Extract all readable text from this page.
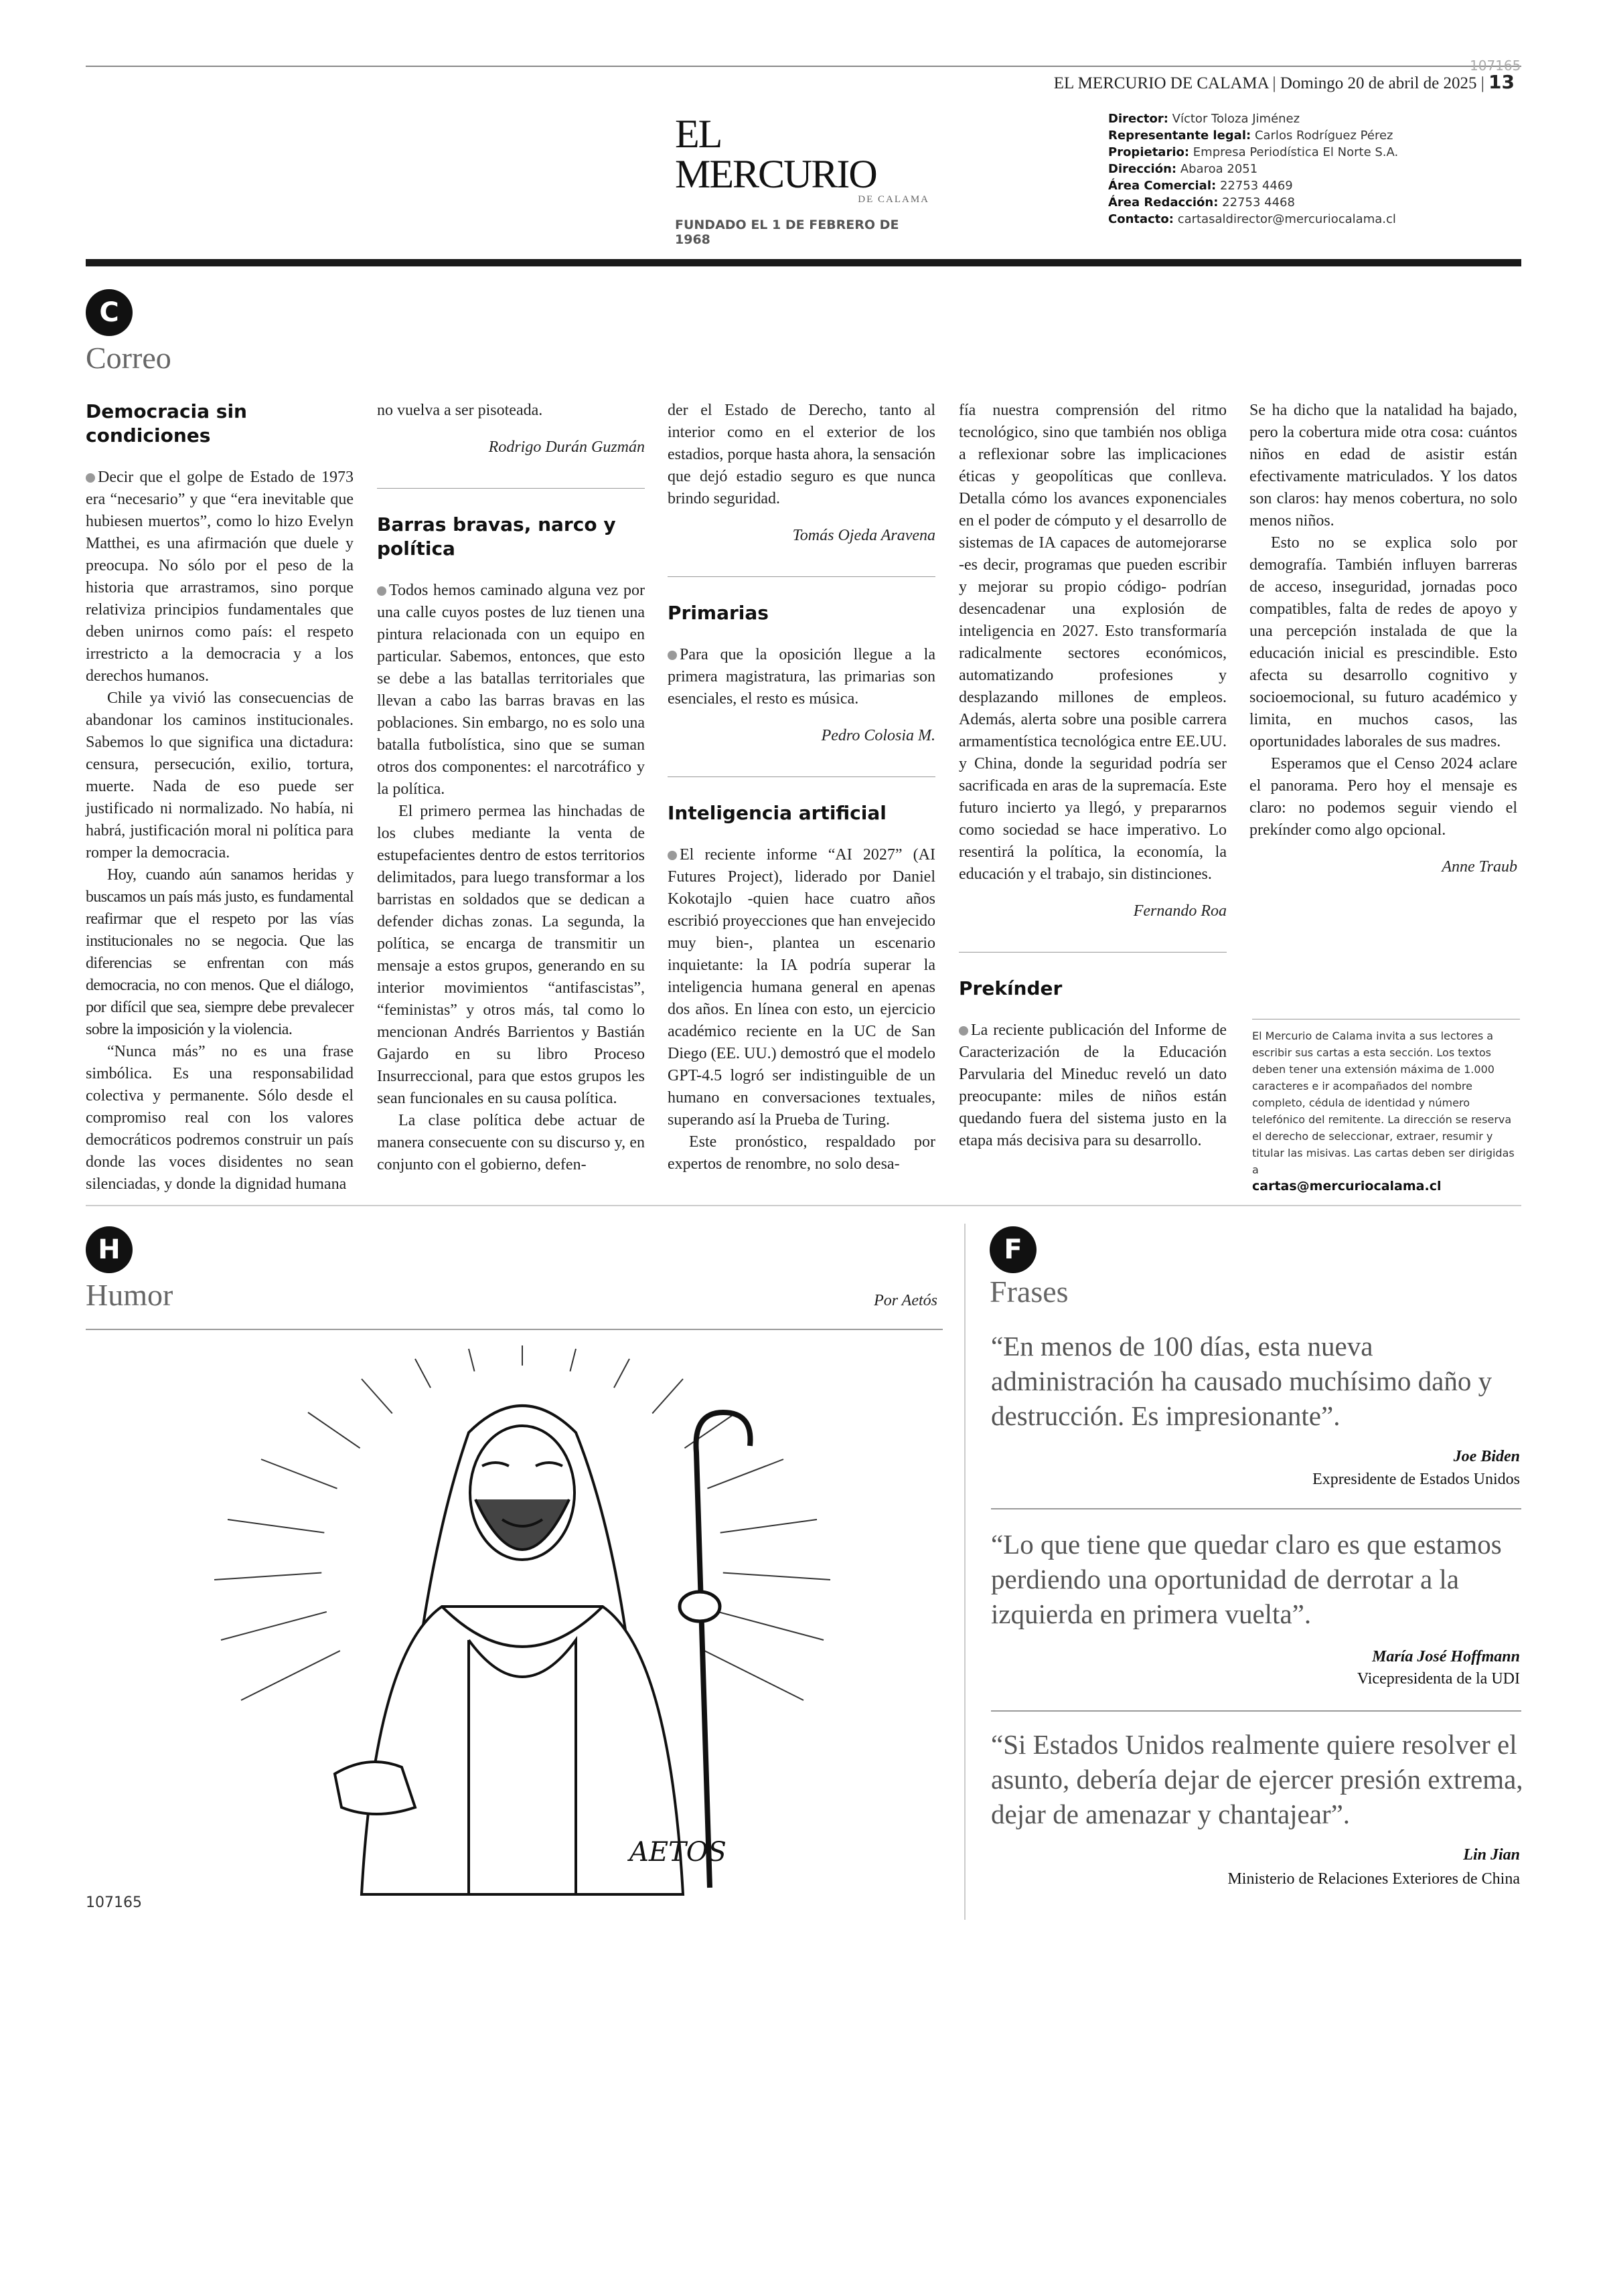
107165
EL MERCURIO DE CALAMA | Domingo 20 de abril de 2025 | 13
EL MERCURIO
DE CALAMA
FUNDADO EL 1 DE FEBRERO DE 1968
Director: Víctor Toloza Jiménez
Representante legal: Carlos Rodríguez Pérez
Propietario: Empresa Periodística El Norte S.A.
Dirección: Abaroa 2051
Área Comercial: 22753 4469
Área Redacción: 22753 4468
Contacto: cartasaldirector@mercuriocalama.cl
C
Correo
Democracia sin condiciones

Decir que el golpe de Estado de 1973 era “necesario” y que “era inevitable que hubiesen muertos”, como lo hizo Evelyn Matthei, es una afirmación que duele y preocupa. No sólo por el peso de la historia que arrastramos, sino porque relativiza principios fundamentales que deben unirnos como país: el respeto irrestricto a la democracia y a los derechos humanos.

Chile ya vivió las consecuencias de abandonar los caminos institucionales. Sabemos lo que significa una dictadura: censura, persecución, exilio, tortura, muerte. Nada de eso puede ser justificado ni normalizado. No había, ni habrá, justificación moral ni política para romper la democracia.

Hoy, cuando aún sanamos heridas y buscamos un país más justo, es fundamental reafirmar que el respeto por las vías institucionales no se negocia. Que las diferencias se enfrentan con más democracia, no con menos. Que el diálogo, por difícil que sea, siempre debe prevalecer sobre la imposición y la violencia.

“Nunca más” no es una frase simbólica. Es una responsabilidad colectiva y permanente. Sólo desde el compromiso real con los valores democráticos podremos construir un país donde las voces disidentes no sean silenciadas, y donde la dignidad humana

no vuelva a ser pisoteada.

Rodrigo Durán Guzmán

Barras bravas, narco y política

Todos hemos caminado alguna vez por una calle cuyos postes de luz tienen una pintura relacionada con un equipo en particular. Sabemos, entonces, que esto se debe a las batallas territoriales que llevan a cabo las barras bravas en las poblaciones. Sin embargo, no es solo una batalla futbolística, sino que se suman otros dos componentes: el narcotráfico y la política.

El primero permea las hinchadas de los clubes mediante la venta de estupefacientes dentro de estos territorios delimitados, para luego transformar a los barristas en soldados que se dedican a defender dichas zonas. La segunda, la política, se encarga de transmitir un mensaje a estos grupos, generando en su interior movimientos “antifascistas”, “feministas” y otros más, tal como lo mencionan Andrés Barrientos y Bastián Gajardo en su libro Proceso Insurreccional, para que estos grupos les sean funcionales en su causa política.

La clase política debe actuar de manera consecuente con su discurso y, en conjunto con el gobierno, defen-

der el Estado de Derecho, tanto al interior como en el exterior de los estadios, porque hasta ahora, la sensación que dejó estadio seguro es que nunca brindo seguridad.

Tomás Ojeda Aravena

Primarias

Para que la oposición llegue a la primera magistratura, las primarias son esenciales, el resto es música.

Pedro Colosia M.

Inteligencia artificial

El reciente informe “AI 2027” (AI Futures Project), liderado por Daniel Kokotajlo -quien hace cuatro años escribió proyecciones que han envejecido muy bien-, plantea un escenario inquietante: la IA podría superar la inteligencia humana general en apenas dos años. En línea con esto, un ejercicio académico reciente en la UC de San Diego (EE. UU.) demostró que el modelo GPT-4.5 logró ser indistinguible de un humano en conversaciones textuales, superando así la Prueba de Turing.

Este pronóstico, respaldado por expertos de renombre, no solo desa-

fía nuestra comprensión del ritmo tecnológico, sino que también nos obliga a reflexionar sobre las implicaciones éticas y geopolíticas que conlleva. Detalla cómo los avances exponenciales en el poder de cómputo y el desarrollo de sistemas de IA capaces de automejorarse -es decir, programas que pueden escribir y mejorar su propio código- podrían desencadenar una explosión de inteligencia en 2027. Esto transformaría radicalmente sectores económicos, automatizando profesiones y desplazando millones de empleos. Además, alerta sobre una posible carrera armamentística tecnológica entre EE.UU. y China, donde la seguridad podría ser sacrificada en aras de la supremacía. Este futuro incierto ya llegó, y prepararnos como sociedad se hace imperativo. Lo resentirá la política, la economía, la educación y el trabajo, sin distinciones.

Fernando Roa

Prekínder

La reciente publicación del Informe de Caracterización de la Educación Parvularia del Mineduc reveló un dato preocupante: miles de niños están quedando fuera del sistema justo en la etapa más decisiva para su desarrollo.

Se ha dicho que la natalidad ha bajado, pero la cobertura mide otra cosa: cuántos niños en edad de asistir están efectivamente matriculados. Y los datos son claros: hay menos cobertura, no solo menos niños.

Esto no se explica solo por demografía. También influyen barreras de acceso, inseguridad, jornadas poco compatibles, falta de redes de apoyo y una percepción instalada de que la educación inicial es prescindible. Esto afecta su desarrollo cognitivo y socioemocional, su futuro académico y limita, en muchos casos, las oportunidades laborales de sus madres.

Esperamos que el Censo 2024 aclare el panorama. Pero hoy el mensaje es claro: no podemos seguir viendo el prekínder como algo opcional.

Anne Traub

El Mercurio de Calama invita a sus lectores a escribir sus cartas a esta sección. Los textos deben tener una extensión máxima de 1.000 caracteres e ir acompañados del nombre completo, cédula de identidad y número telefónico del remitente. La dirección se reserva el derecho de seleccionar, extraer, resumir y titular las misivas. Las cartas deben ser dirigidas a
cartas@mercuriocalama.cl
H
Humor	Por Aetós
AETOS
107165
F
Frases
“En menos de 100 días, esta nueva administración ha causado muchísimo daño y destrucción. Es impresionante”.
Joe Biden
Expresidente de Estados Unidos
“Lo que tiene que quedar claro es que estamos perdiendo una oportunidad de derrotar a la izquierda en primera vuelta”.
María José Hoffmann
Vicepresidenta de la UDI
“Si Estados Unidos realmente quiere resolver el asunto, debería dejar de ejercer presión extrema, dejar de amenazar y chantajear”.
Lin Jian
Ministerio de Relaciones Exteriores de China
